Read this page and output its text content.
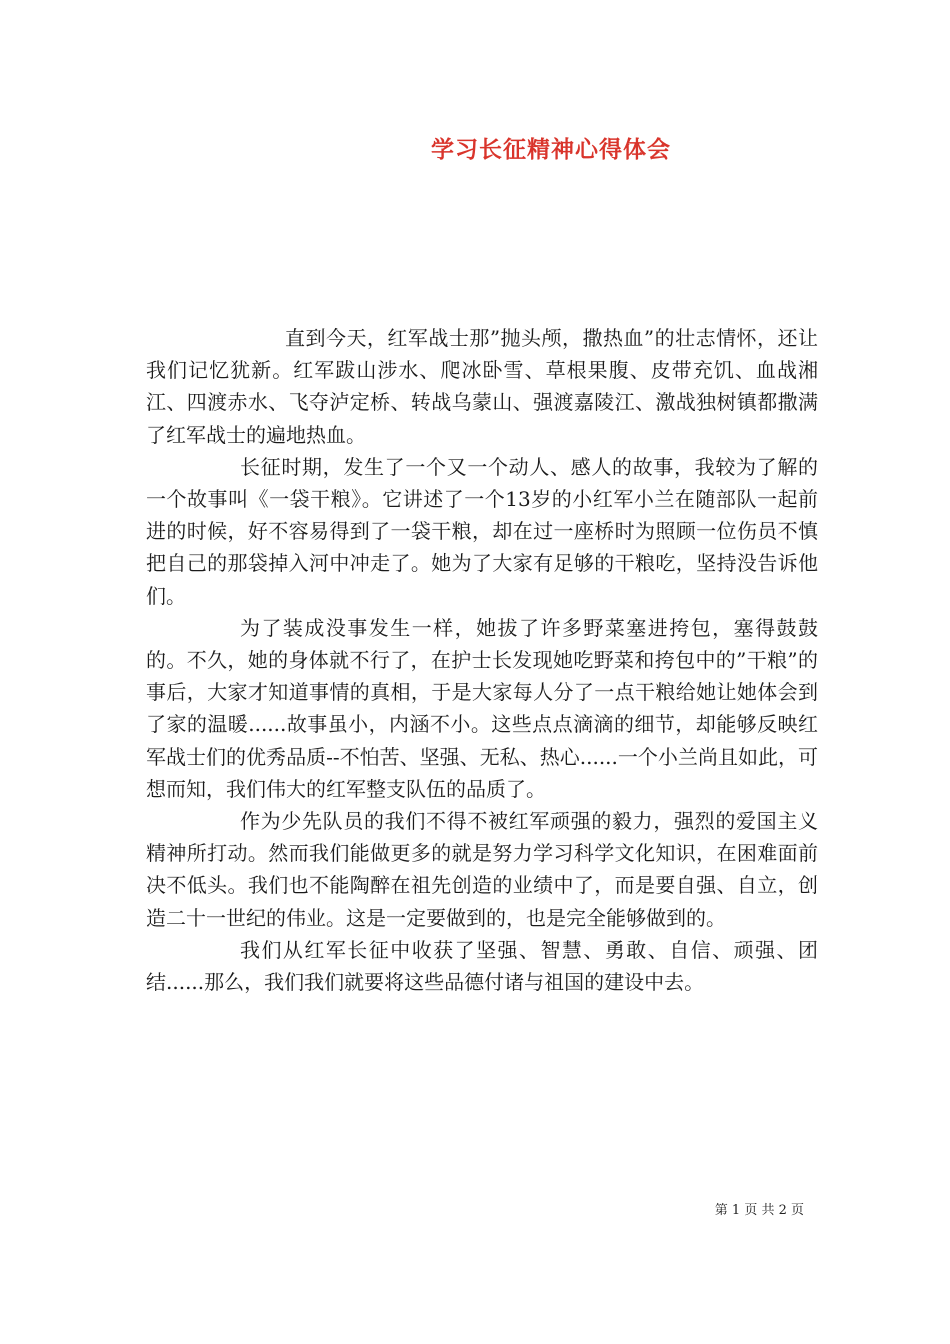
学习长征精神心得体会

直到今天，红军战士那”抛头颅，撒热血”的壮志情怀，还让我们记忆犹新。红军跋山涉水、爬冰卧雪、草根果腹、皮带充饥、血战湘江、四渡赤水、飞夺泸定桥、转战乌蒙山、强渡嘉陵江、激战独树镇都撒满了红军战士的遍地热血。

长征时期，发生了一个又一个动人、感人的故事，我较为了解的一个故事叫《一袋干粮》。它讲述了一个13岁的小红军小兰在随部队一起前进的时候，好不容易得到了一袋干粮，却在过一座桥时为照顾一位伤员不慎把自己的那袋掉入河中冲走了。她为了大家有足够的干粮吃，坚持没告诉他们。

为了装成没事发生一样，她拔了许多野菜塞进挎包，塞得鼓鼓的。不久，她的身体就不行了，在护士长发现她吃野菜和挎包中的”干粮”的事后，大家才知道事情的真相，于是大家每人分了一点干粮给她让她体会到了家的温暖......故事虽小，内涵不小。这些点点滴滴的细节，却能够反映红军战士们的优秀品质--不怕苦、坚强、无私、热心......一个小兰尚且如此，可想而知，我们伟大的红军整支队伍的品质了。

作为少先队员的我们不得不被红军顽强的毅力，强烈的爱国主义精神所打动。然而我们能做更多的就是努力学习科学文化知识，在困难面前决不低头。我们也不能陶醉在祖先创造的业绩中了，而是要自强、自立，创造二十一世纪的伟业。这是一定要做到的，也是完全能够做到的。

我们从红军长征中收获了坚强、智慧、勇敢、自信、顽强、团结......那么，我们我们就要将这些品德付诸与祖国的建设中去。

第 1 页 共 2 页
